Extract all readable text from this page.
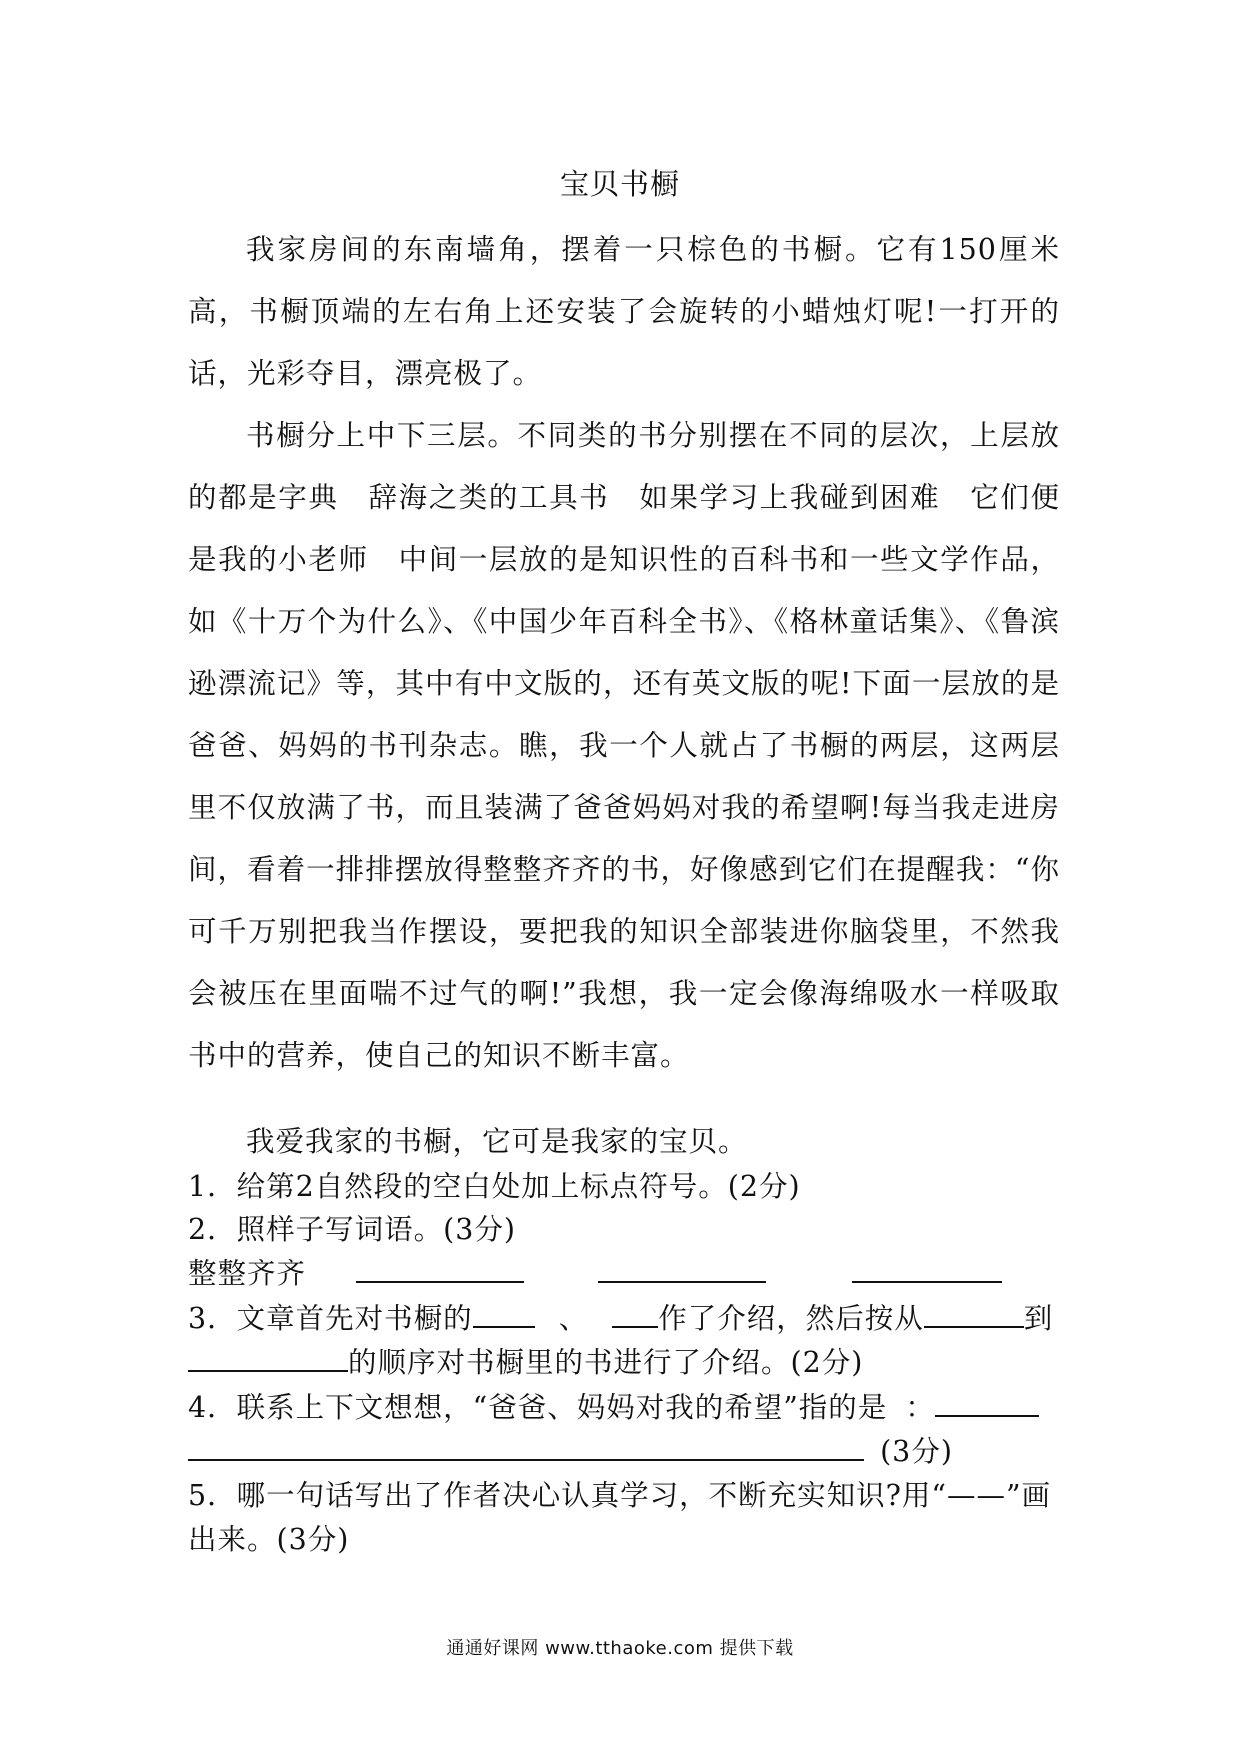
宝贝书橱

我家房间的东南墙角，摆着一只棕色的书橱。它有150厘米高，书橱顶端的左右角上还安装了会旋转的小蜡烛灯呢!一打开的话，光彩夺目，漂亮极了。

书橱分上中下三层。不同类的书分别摆在不同的层次，上层放的都是字典　辞海之类的工具书　如果学习上我碰到困难　它们便是我的小老师　中间一层放的是知识性的百科书和一些文学作品，如《十万个为什么》、《中国少年百科全书》、《格林童话集》、《鲁滨逊漂流记》等，其中有中文版的，还有英文版的呢!下面一层放的是爸爸、妈妈的书刊杂志。瞧，我一个人就占了书橱的两层，这两层里不仅放满了书，而且装满了爸爸妈妈对我的希望啊!每当我走进房间，看着一排排摆放得整整齐齐的书，好像感到它们在提醒我：“你可千万别把我当作摆设，要把我的知识全部装进你脑袋里，不然我会被压在里面喘不过气的啊!”我想，我一定会像海绵吸水一样吸取书中的营养，使自己的知识不断丰富。

我爱我家的书橱，它可是我家的宝贝。

1．给第2自然段的空白处加上标点符号。(2分)
2．照样子写词语。(3分)
整整齐齐
3．文章首先对书橱的	、 作了介绍，然后按从	到
的顺序对书橱里的书进行了介绍。(2分)
4．联系上下文想想，“爸爸、妈妈对我的希望”指的是 ：
(3分)
5．哪一句话写出了作者决心认真学习，不断充实知识?用“——”画
出来。(3分)
通通好课网 www.tthaoke.com 提供下载
